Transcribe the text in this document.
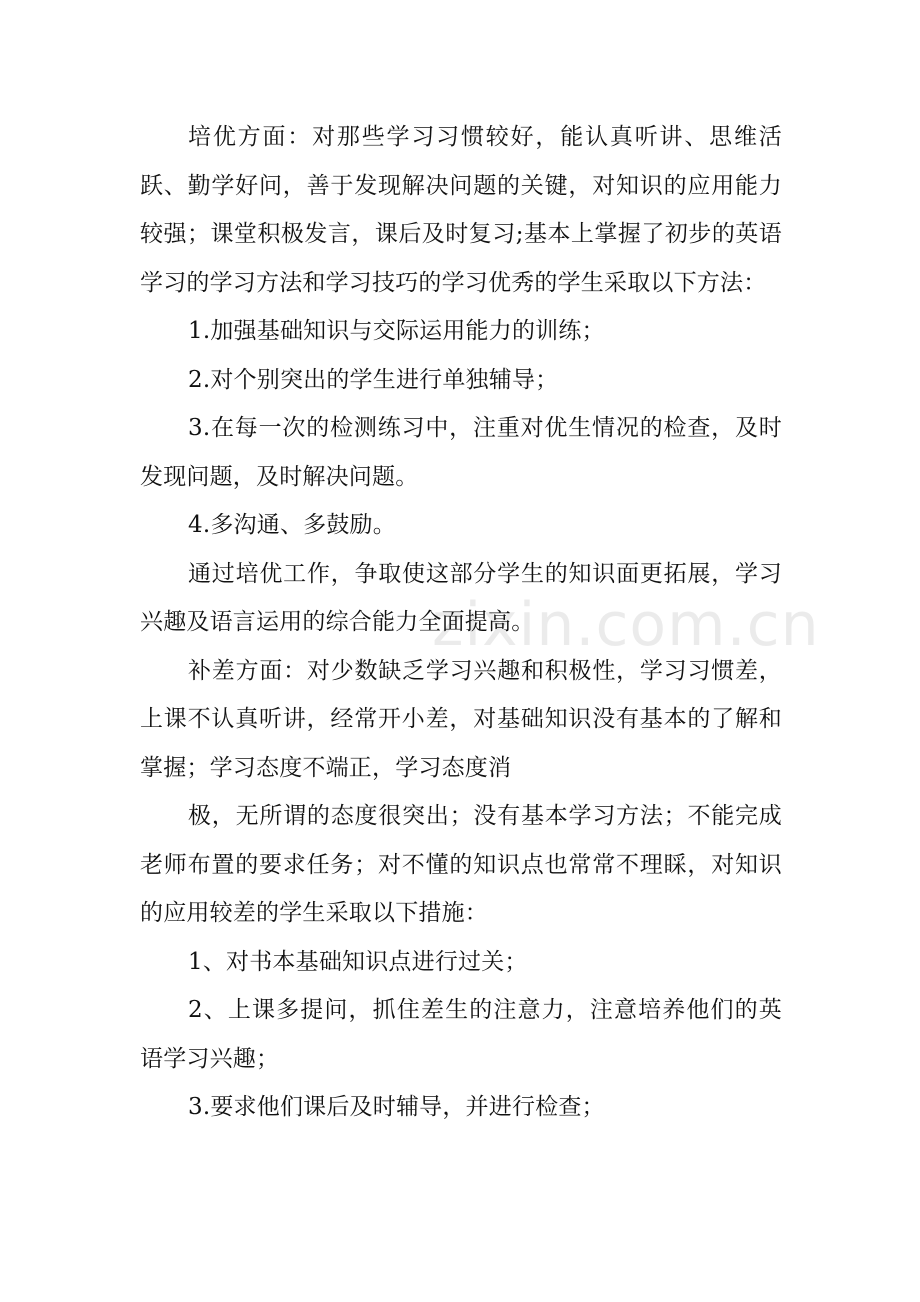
培优方面：对那些学习习惯较好，能认真听讲、思维活跃、勤学好问，善于发现解决问题的关键，对知识的应用能力较强；课堂积极发言，课后及时复习;基本上掌握了初步的英语学习的学习方法和学习技巧的学习优秀的学生采取以下方法：

1.加强基础知识与交际运用能力的训练；

2.对个别突出的学生进行单独辅导；

3.在每一次的检测练习中，注重对优生情况的检查，及时发现问题，及时解决问题。

4.多沟通、多鼓励。

通过培优工作，争取使这部分学生的知识面更拓展，学习兴趣及语言运用的综合能力全面提高。

补差方面：对少数缺乏学习兴趣和积极性，学习习惯差，上课不认真听讲，经常开小差，对基础知识没有基本的了解和掌握；学习态度不端正，学习态度消

极，无所谓的态度很突出；没有基本学习方法；不能完成老师布置的要求任务；对不懂的知识点也常常不理睬，对知识的应用较差的学生采取以下措施：

1、对书本基础知识点进行过关；

2、上课多提问，抓住差生的注意力，注意培养他们的英语学习兴趣；

3.要求他们课后及时辅导，并进行检查；

zixin.com.cn
